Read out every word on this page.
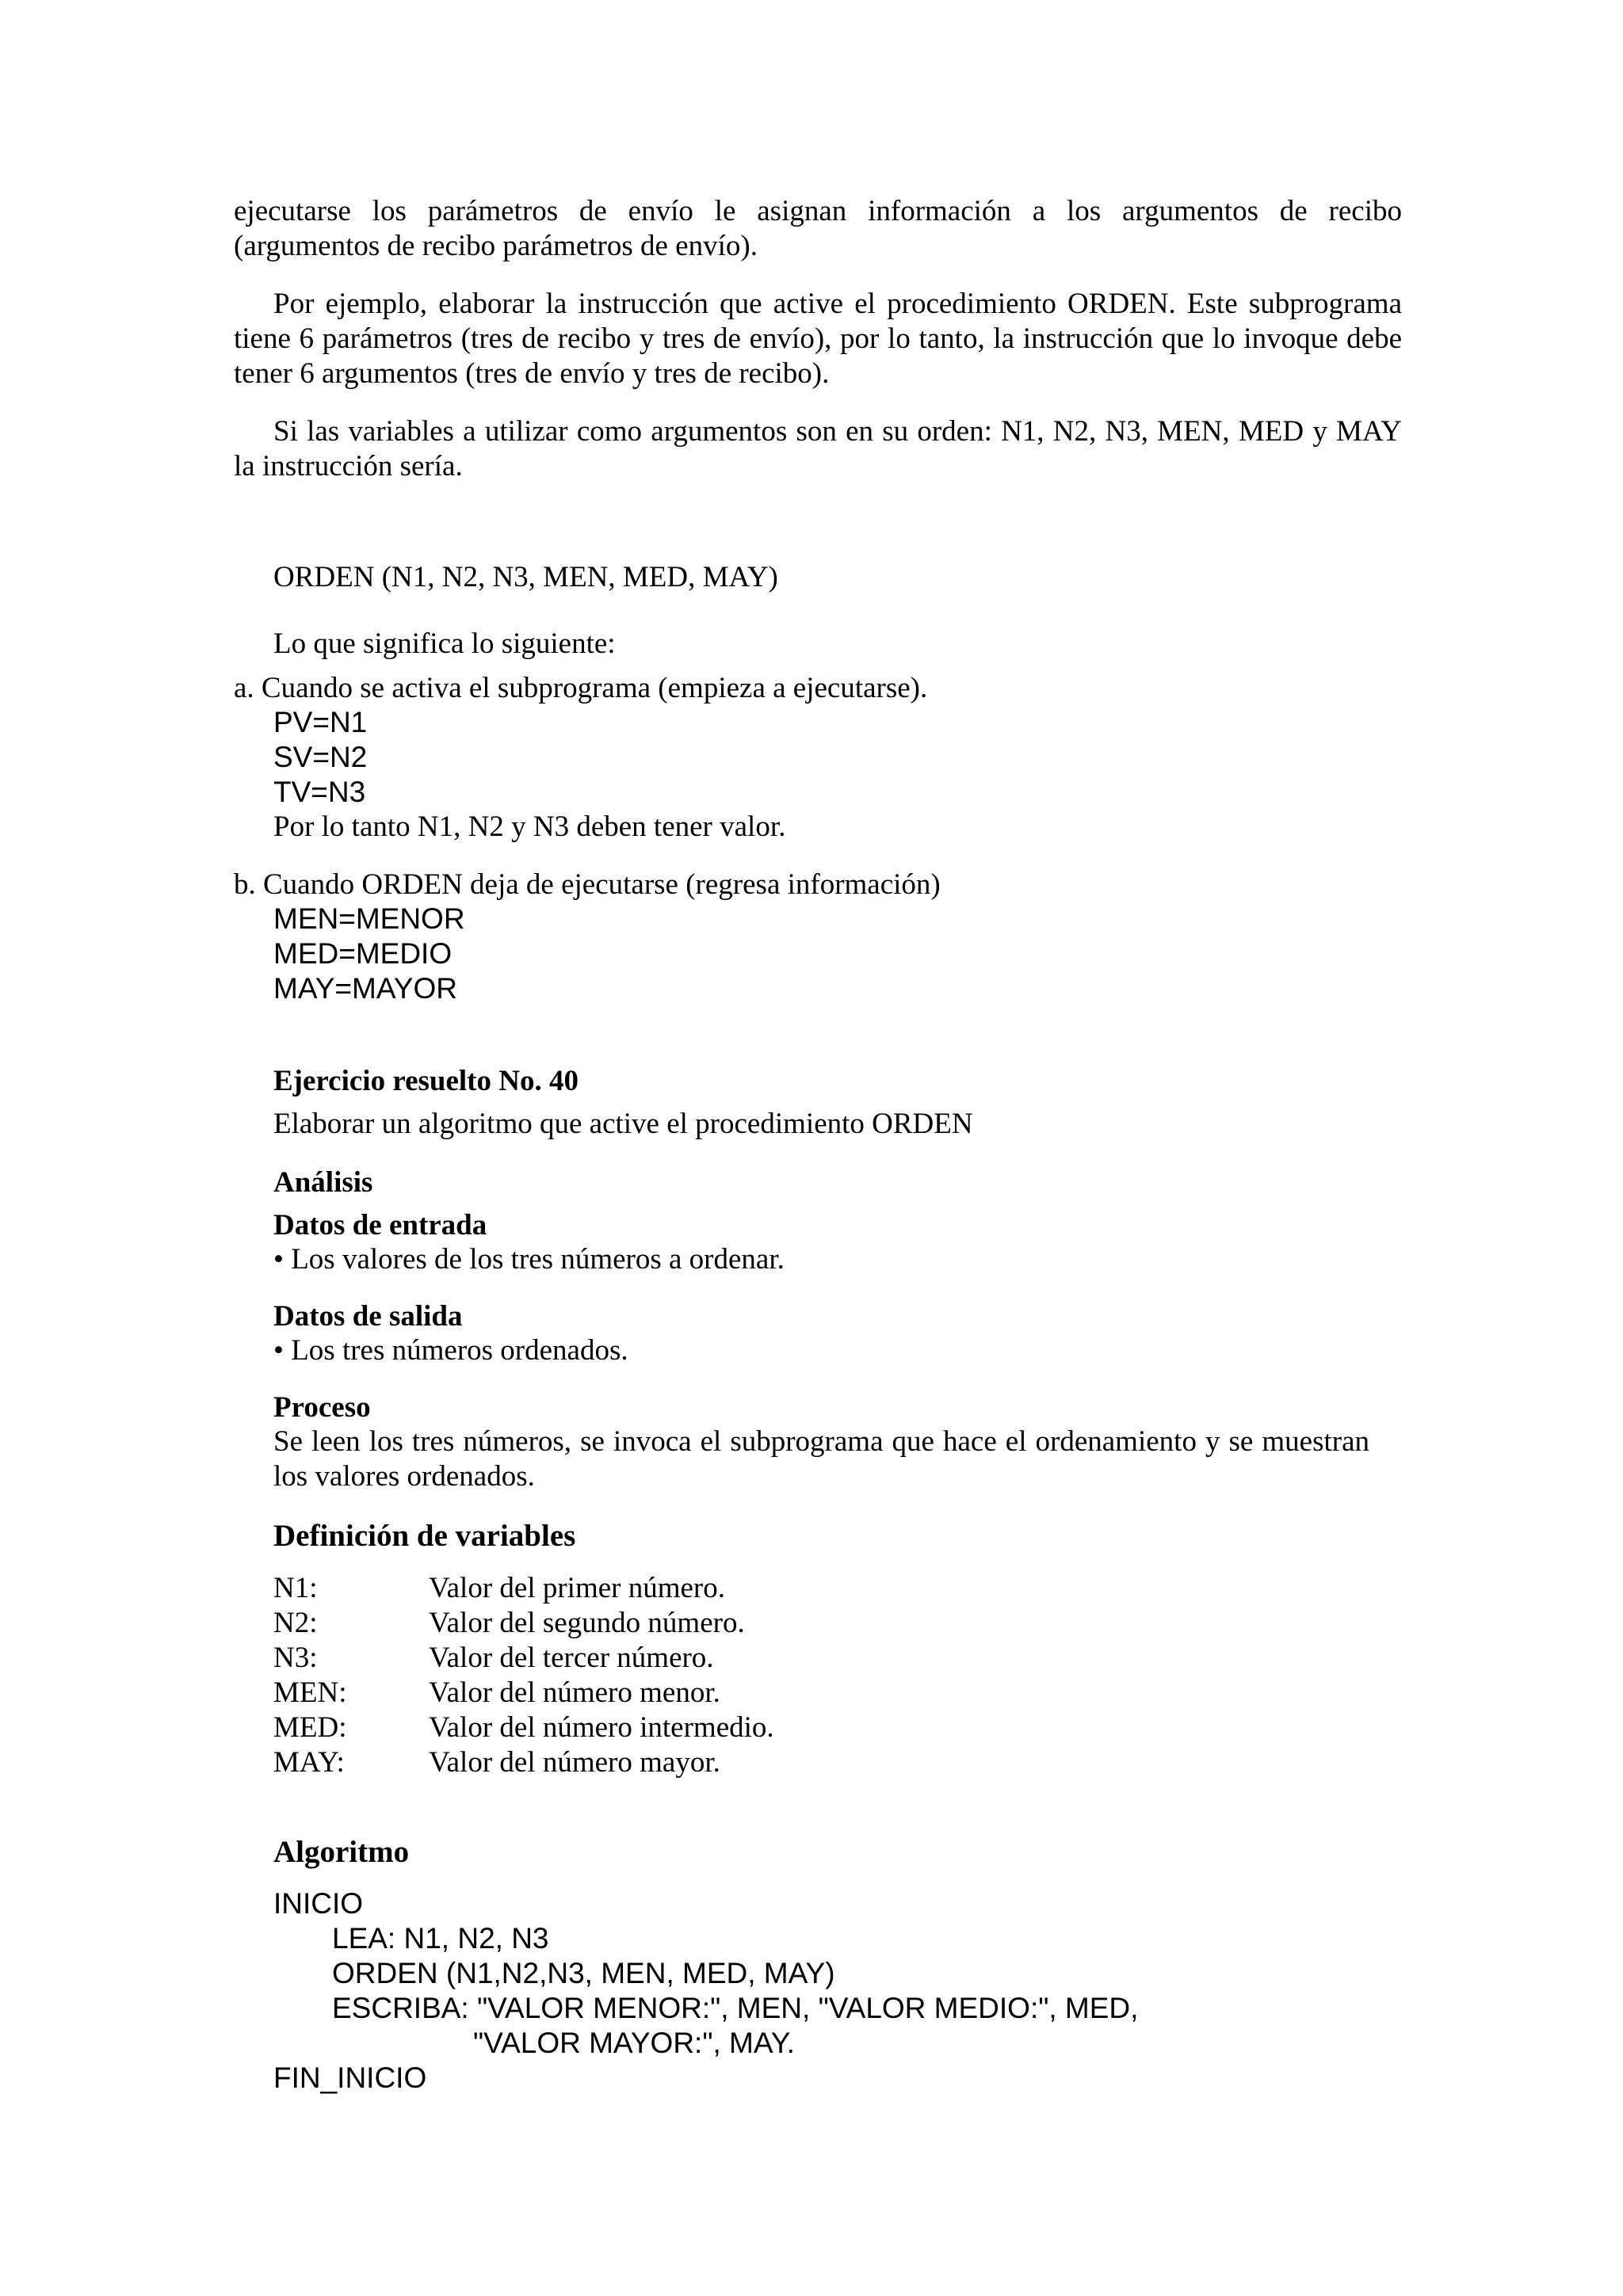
ejecutarse los parámetros de envío le asignan información a los argumentos de recibo
(argumentos de recibo parámetros de envío).

Por ejemplo, elaborar la instrucción que active el procedimiento ORDEN. Este subprograma tiene 6 parámetros (tres de recibo y tres de envío), por lo tanto, la instrucción que lo invoque debe tener 6 argumentos (tres de envío y tres de recibo).

Si las variables a utilizar como argumentos son en su orden: N1, N2, N3, MEN, MED y MAY la instrucción sería.

ORDEN (N1, N2, N3, MEN, MED, MAY)

Lo que significa lo siguiente:

a. Cuando se activa el subprograma (empieza a ejecutarse).

PV=N1
SV=N2
TV=N3

Por lo tanto N1, N2 y N3 deben tener valor.

b. Cuando ORDEN deja de ejecutarse (regresa información)

MEN=MENOR
MED=MEDIO
MAY=MAYOR

Ejercicio resuelto No. 40

Elaborar un algoritmo que active el procedimiento ORDEN

Análisis

Datos de entrada

• Los valores de los tres números a ordenar.

Datos de salida

• Los tres números ordenados.

Proceso

Se leen los tres números, se invoca el subprograma que hace el ordenamiento y se muestran los valores ordenados.

Definición de variables

N1:	Valor del primer número.
N2:	Valor del segundo número.
N3:	Valor del tercer número.
MEN:	Valor del número menor.
MED:	Valor del número intermedio.
MAY:	Valor del número mayor.

Algoritmo

INICIO
LEA: N1, N2, N3
ORDEN (N1,N2,N3, MEN, MED, MAY)
ESCRIBA: "VALOR MENOR:", MEN, "VALOR MEDIO:", MED,
"VALOR MAYOR:", MAY.
FIN_INICIO
